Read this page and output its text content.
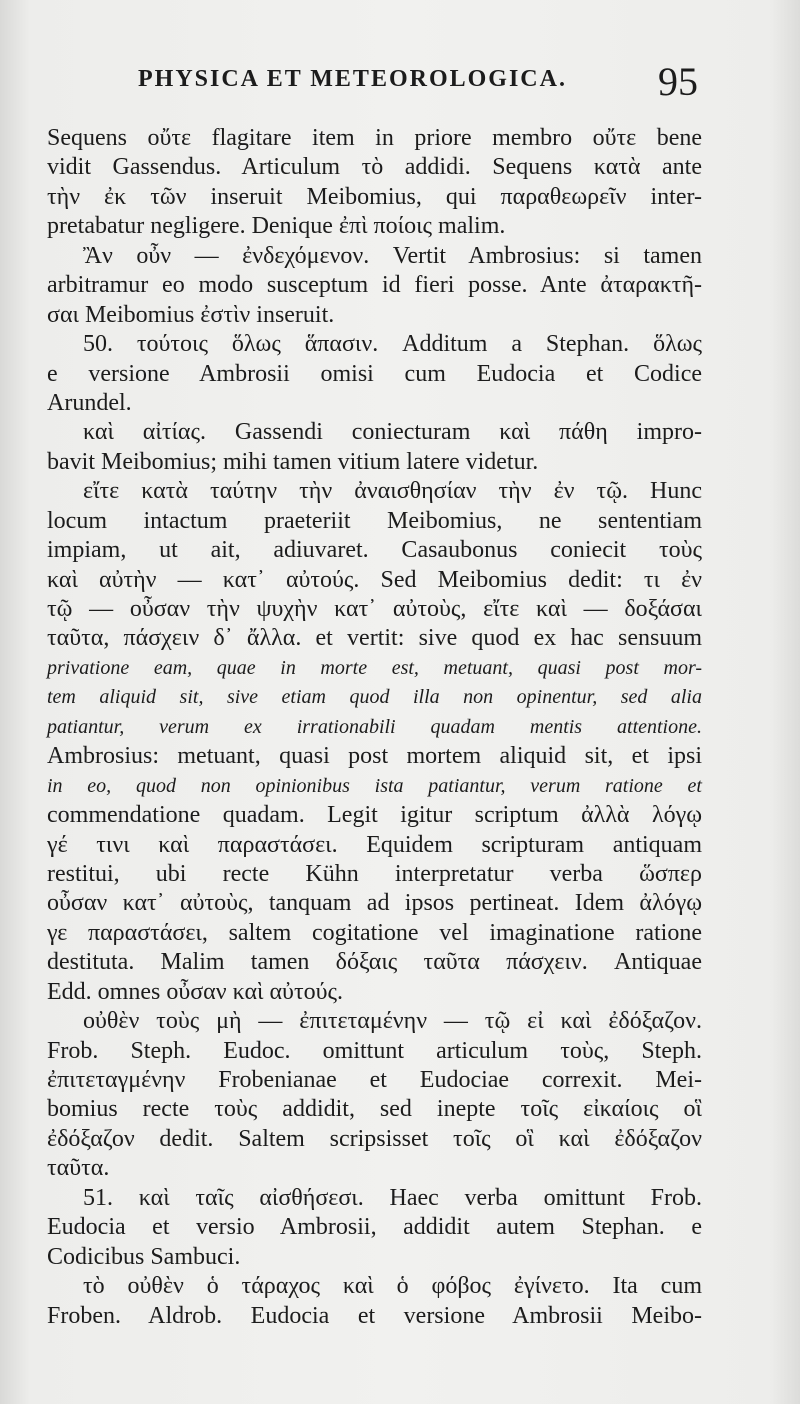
PHYSICA ET METEOROLOGICA. 95
Sequens οὔτε flagitare item in priore membro οὔτε bene
vidit Gassendus. Articulum τὸ addidi. Sequens κατὰ ante
τὴν ἐκ τῶν inseruit Meibomius, qui παραθεωρεῖν inter-
pretabatur negligere. Denique ἐπὶ ποίοις malim.
Ἂν οὖν — ἐνδεχόμενον. Vertit Ambrosius: si tamen
arbitramur eo modo susceptum id fieri posse. Ante ἀταρακτῆ-
σαι Meibomius ἐστὶν inseruit.
50. τούτοις ὅλως ἅπασιν. Additum a Stephan. ὅλως
e versione Ambrosii omisi cum Eudocia et Codice
Arundel.
καὶ αἰτίας. Gassendi coniecturam καὶ πάθη impro-
bavit Meibomius; mihi tamen vitium latere videtur.
εἴτε κατὰ ταύτην τὴν ἀναισθησίαν τὴν ἐν τῷ. Hunc
locum intactum praeteriit Meibomius, ne sententiam
impiam, ut ait, adiuvaret. Casaubonus coniecit τοὺς
καὶ αὐτὴν — κατ᾽ αὐτούς. Sed Meibomius dedit: τι ἐν
τῷ — οὖσαν τὴν ψυχὴν κατ᾽ αὐτοὺς, εἴτε καὶ — δοξάσαι
ταῦτα, πάσχειν δ᾽ ἄλλα. et vertit: sive quod ex hac sensuum
privatione eam, quae in morte est, metuant, quasi post mor-
tem aliquid sit, sive etiam quod illa non opinentur, sed alia
patiantur, verum ex irrationabili quadam mentis attentione.
Ambrosius: metuant, quasi post mortem aliquid sit, et ipsi
in eo, quod non opinionibus ista patiantur, verum ratione et
commendatione quadam. Legit igitur scriptum ἀλλὰ λόγῳ
γέ τινι καὶ παραστάσει. Equidem scripturam antiquam
restitui, ubi recte Kühn interpretatur verba ὥσπερ
οὖσαν κατ᾽ αὐτοὺς, tanquam ad ipsos pertineat. Idem ἀλόγῳ
γε παραστάσει, saltem cogitatione vel imaginatione ratione
destituta. Malim tamen δόξαις ταῦτα πάσχειν. Antiquae
Edd. omnes οὖσαν καὶ αὐτούς.
οὐθὲν τοὺς μὴ — ἐπιτεταμένην — τῷ εἰ καὶ ἐδόξαζον.
Frob. Steph. Eudoc. omittunt articulum τοὺς, Steph.
ἐπιτεταγμένην Frobenianae et Eudociae correxit. Mei-
bomius recte τοὺς addidit, sed inepte τοῖς εἰκαίοις οἳ
ἐδόξαζον dedit. Saltem scripsisset τοῖς οἳ καὶ ἐδόξαζον
ταῦτα.
51. καὶ ταῖς αἰσθήσεσι. Haec verba omittunt Frob.
Eudocia et versio Ambrosii, addidit autem Stephan. e
Codicibus Sambuci.
τὸ οὐθὲν ὁ τάραχος καὶ ὁ φόβος ἐγίνετο. Ita cum
Froben. Aldrob. Eudocia et versione Ambrosii Meibo-
